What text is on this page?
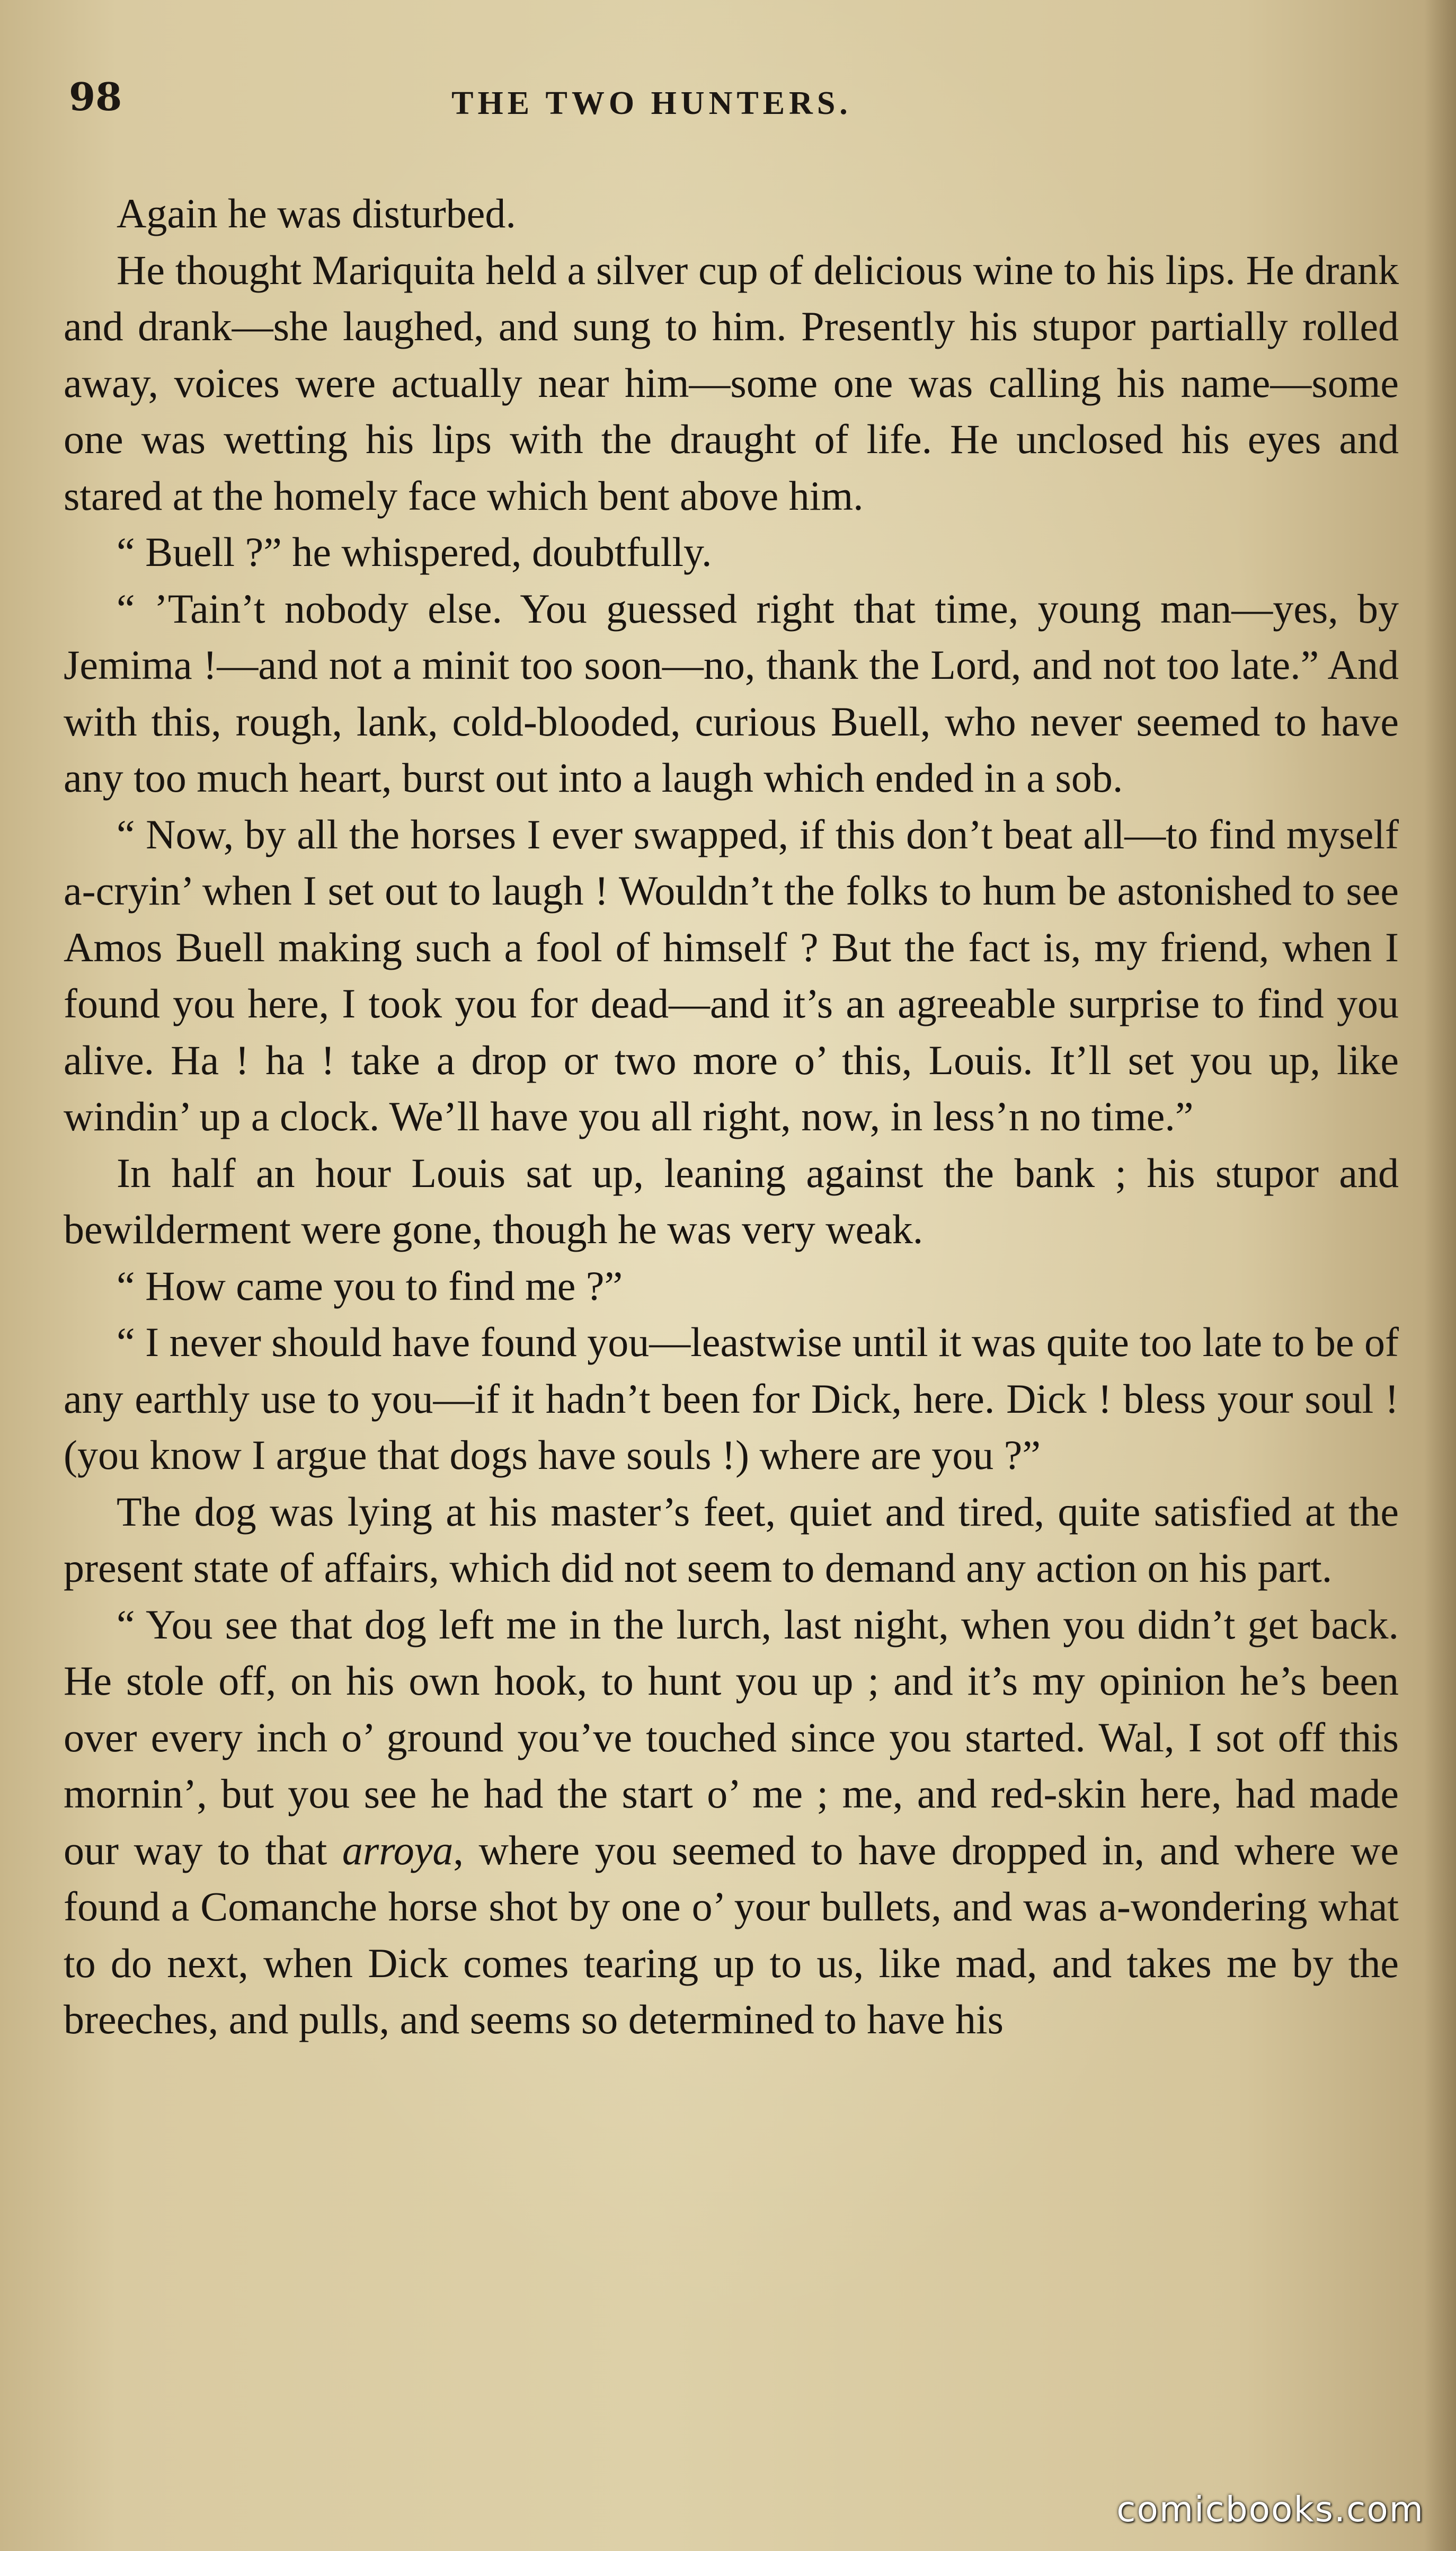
98	THE TWO HUNTERS.

Again he was disturbed.

He thought Mariquita held a silver cup of delicious wine to his lips. He drank and drank—she laughed, and sung to him. Presently his stupor partially rolled away, voices were actually near him—some one was calling his name—some one was wetting his lips with the draught of life. He unclosed his eyes and stared at the homely face which bent above him.

“ Buell ?” he whispered, doubtfully.

“ ’Tain’t nobody else. You guessed right that time, young man—yes, by Jemima !—and not a minit too soon—no, thank the Lord, and not too late.” And with this, rough, lank, cold-blooded, curious Buell, who never seemed to have any too much heart, burst out into a laugh which ended in a sob.

“ Now, by all the horses I ever swapped, if this don’t beat all—to find myself a-cryin’ when I set out to laugh ! Wouldn’t the folks to hum be astonished to see Amos Buell making such a fool of himself ? But the fact is, my friend, when I found you here, I took you for dead—and it’s an agreeable surprise to find you alive. Ha ! ha ! take a drop or two more o’ this, Louis. It’ll set you up, like windin’ up a clock. We’ll have you all right, now, in less’n no time.”

In half an hour Louis sat up, leaning against the bank ; his stupor and bewilderment were gone, though he was very weak.

“ How came you to find me ?”

“ I never should have found you—leastwise until it was quite too late to be of any earthly use to you—if it hadn’t been for Dick, here. Dick ! bless your soul ! (you know I argue that dogs have souls !) where are you ?”

The dog was lying at his master’s feet, quiet and tired, quite satisfied at the present state of affairs, which did not seem to demand any action on his part.

“ You see that dog left me in the lurch, last night, when you didn’t get back. He stole off, on his own hook, to hunt you up ; and it’s my opinion he’s been over every inch o’ ground you’ve touched since you started. Wal, I sot off this mornin’, but you see he had the start o’ me ; me, and red-skin here, had made our way to that arroya, where you seemed to have dropped in, and where we found a Comanche horse shot by one o’ your bullets, and was a-wondering what to do next, when Dick comes tearing up to us, like mad, and takes me by the breeches, and pulls, and seems so determined to have his

comicbooks.com
